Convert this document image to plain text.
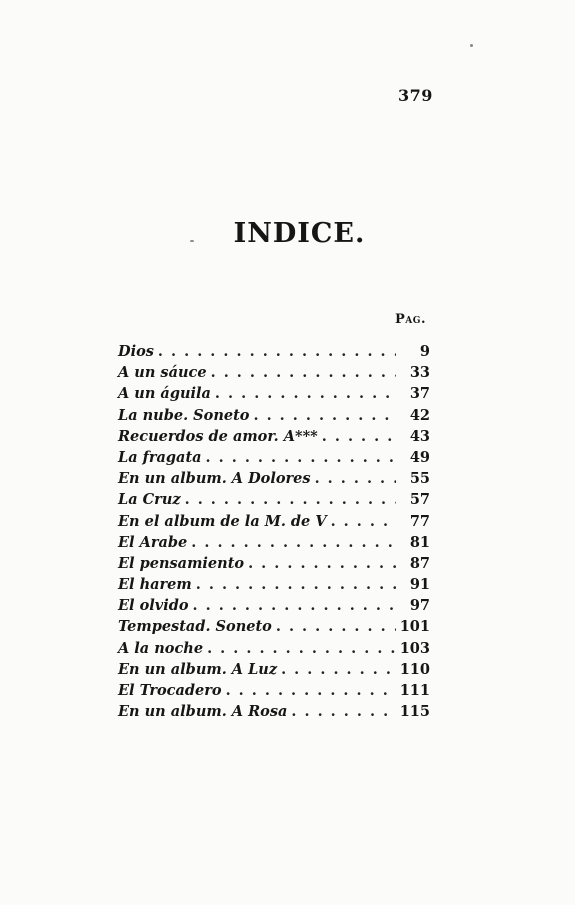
379
INDICE.
Pag.
Dios . . .	9
A un sáuce . . .	33
A un águila . . .	37
La nube. Soneto . . .	42
Recuerdos de amor. A*** . . .	43
La fragata . . .	49
En un album. A Dolores . . .	55
La Cruz . . .	57
En el album de la M. de V . . .	77
El Arabe . . .	81
El pensamiento . . .	87
El harem . . .	91
El olvido . . .	97
Tempestad. Soneto . . .	101
A la noche . . .	103
En un album. A Luz . . .	110
El Trocadero . . .	111
En un album. A Rosa . . .	115
